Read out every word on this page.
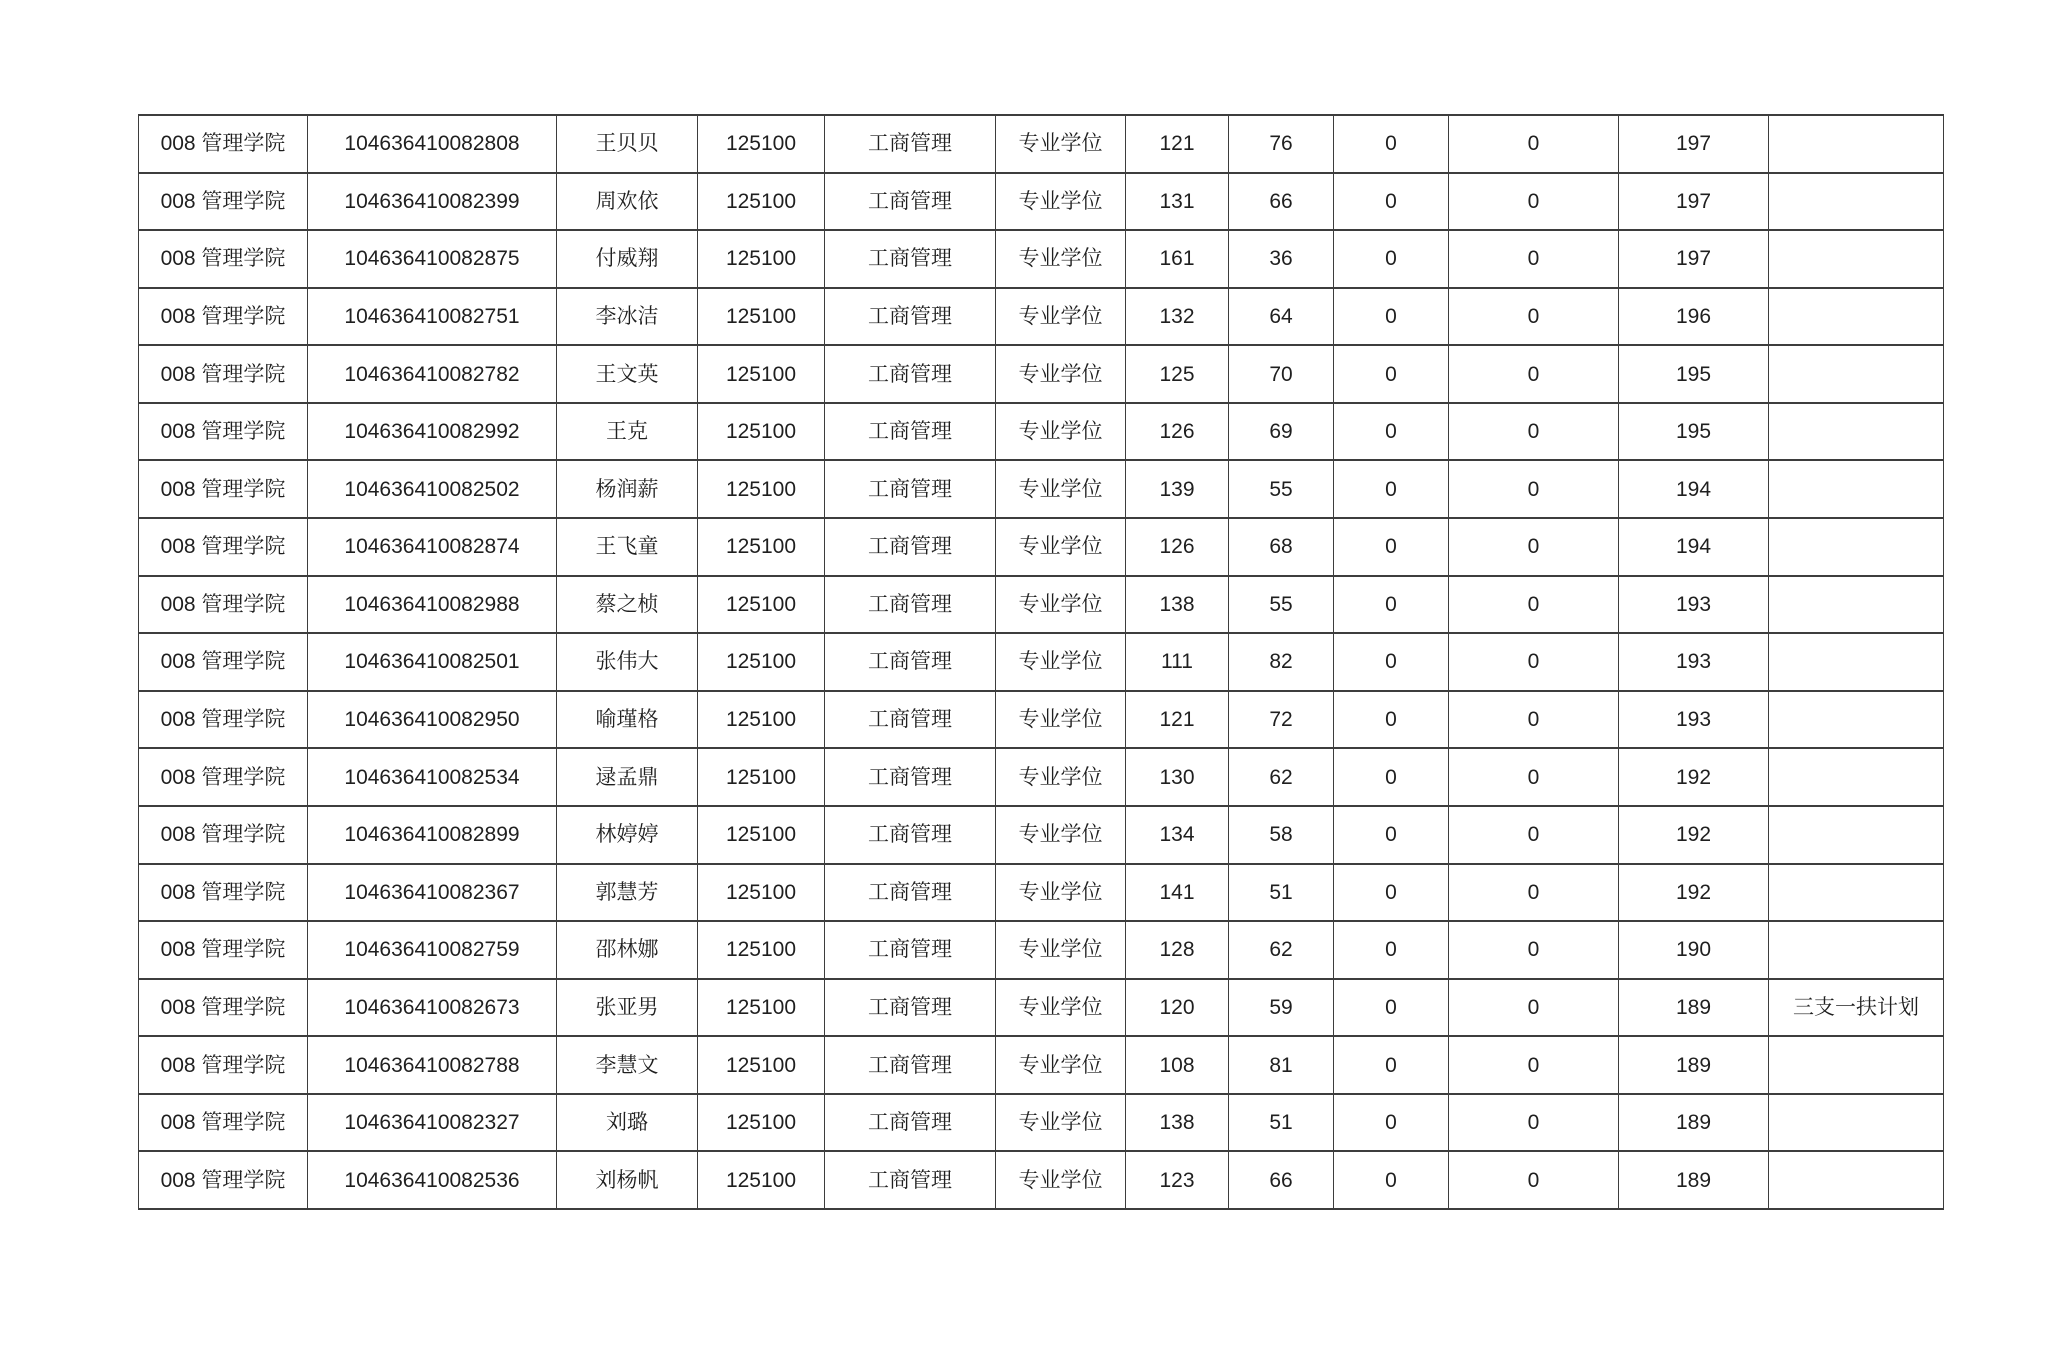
008 管理学院	104636410082808	王贝贝	125100	工商管理	专业学位	121	76	0	0	197	
008 管理学院	104636410082399	周欢依	125100	工商管理	专业学位	131	66	0	0	197	
008 管理学院	104636410082875	付威翔	125100	工商管理	专业学位	161	36	0	0	197	
008 管理学院	104636410082751	李冰洁	125100	工商管理	专业学位	132	64	0	0	196	
008 管理学院	104636410082782	王文英	125100	工商管理	专业学位	125	70	0	0	195	
008 管理学院	104636410082992	王克	125100	工商管理	专业学位	126	69	0	0	195	
008 管理学院	104636410082502	杨润薪	125100	工商管理	专业学位	139	55	0	0	194	
008 管理学院	104636410082874	王飞童	125100	工商管理	专业学位	126	68	0	0	194	
008 管理学院	104636410082988	蔡之桢	125100	工商管理	专业学位	138	55	0	0	193	
008 管理学院	104636410082501	张伟大	125100	工商管理	专业学位	111	82	0	0	193	
008 管理学院	104636410082950	喻瑾格	125100	工商管理	专业学位	121	72	0	0	193	
008 管理学院	104636410082534	逯孟鼎	125100	工商管理	专业学位	130	62	0	0	192	
008 管理学院	104636410082899	林婷婷	125100	工商管理	专业学位	134	58	0	0	192	
008 管理学院	104636410082367	郭慧芳	125100	工商管理	专业学位	141	51	0	0	192	
008 管理学院	104636410082759	邵林娜	125100	工商管理	专业学位	128	62	0	0	190	
008 管理学院	104636410082673	张亚男	125100	工商管理	专业学位	120	59	0	0	189	三支一扶计划
008 管理学院	104636410082788	李慧文	125100	工商管理	专业学位	108	81	0	0	189	
008 管理学院	104636410082327	刘璐	125100	工商管理	专业学位	138	51	0	0	189	
008 管理学院	104636410082536	刘杨帆	125100	工商管理	专业学位	123	66	0	0	189	
